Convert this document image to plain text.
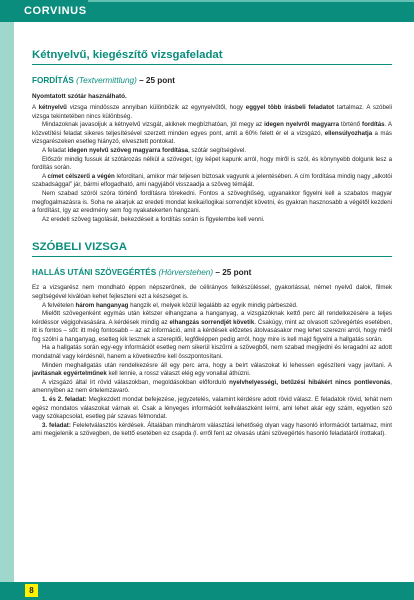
CORVINUS
Kétnyelvű, kiegészítő vizsgafeladat
FORDÍTÁS (Textvermittlung) – 25 pont
Nyomtatott szótár használható.

A kétnyelvű vizsga mindössze annyiban különbözik az egynyelvűtől, hogy eggyel több írásbeli feladatot tartalmaz. A szóbeli vizsga tekintetében nincs különbség.

Mindazoknak javasoljuk a kétnyelvű vizsgát, akiknek megbízhatóan, jól megy az idegen nyelvről magyarra történő fordítás. A közvetítési feladat sikeres teljesítésével szerzett minden egyes pont, amit a 60% felett ér el a vizsgázó, ellensúlyozhatja a más vizsgarészeken esetleg hiányzó, elvesztett pontokat.

A feladat idegen nyelvű szöveg magyarra fordítása, szótár segítségével.

Először mindig fussuk át szótározás nélkül a szöveget, így képet kapunk arról, hogy miről is szól, és könynyebb dolgunk lesz a fordítás során.

A címet célszerű a végén leforditani, amikor már teljesen biztosak vagyunk a jelentésében. A cím fordítása mindig nagy „alkotói szabadsággal” jár, bármi elfogadható, ami nagyjából visszaadja a szöveg témáját.

Nem szabad szóról szóra történő fordításra törekedni. Fontos a szöveghűség, ugyanakkor figyelni kell a szabatos magyar megfogalmazásra is. Soha ne akarjuk az eredeti mondat lexikai/logikai sorrendjét követni, és gyakran hasznosabb a végétől kezdeni a fordítást, így az eredmény sem fog nyakatekerten hangzani.

Az eredeti szöveg tagolását, bekezdéseit a fordítás során is figyelembe kell venni.

SZÓBELI VIZSGA
HALLÁS UTÁNI SZÖVEGÉRTÉS (Hörverstehen) – 25 pont

Ez a vizsgarész nem mondható éppen népszerűnek, de célirányos felkészüléssel, gyakorlással, német nyelvű dalok, filmek segítségével kiválóan kehet fejleszteni ezt a készséget is.

A felvételen három hanganyag hangzik el, melyek közül legalább az egyik mindig párbeszéd.

Mielőtt szövegenként egymás után kétszer elhangzana a hanganyag, a vizsgázóknak kettő perc áll rendelkezésére a teljes kérdéssor végigolvasására. A kérdések mindig az elhangzás sorrendjét követik. Csakúgy, mint az olvasott szövegértés esetében, itt is fontos – sőt: itt még fontosabb – az az információ, amit a kérdések előzetes átolvasásakor meg lehet szerezni arról, hogy miről fog szólni a hanganyag, esetleg kik lesznek a szereplői, legfőképpen pedig arról, hogy mire is kell majd figyelni a hallgatás során.

Ha a hallgatás során egy-egy információt esetleg nem sikerül kiszűrni a szövegből, nem szabad megijedni és leragadni az adott mondatnál vagy kérdésnél, hanem a következőre kell összpontosítani.

Minden meghallgatás után rendelkezésre áll egy perc arra, hogy a beírt válaszokat ki lehessen egészíteni vagy javítani. A javításnak egyértelműnek kell lennie, a rossz választ elég egy vonallal áthúzni.

A vizsgázó által írt rövid válaszokban, megoldásokban előforduló nyelvhelyességi, betűzési hibákért nincs pontlevonás, amennyiben az nem értelemzavaró.

1. és 2. feladat: Megkezdett mondat befejezése, jegyzetelés, valamint kérdésre adott rövid válasz. E feladatok rövid, tehát nem egész mondatos válaszokat várnak el. Csak a lényeges információt kellválaszként leírni, ami lehet akár egy szám, egyetlen szó vagy szókapcsolat, esetleg pár szavas félmondat.

3. feladat: Feleletválasztós kérdések. Általában mindhárom választási lehetőség olyan vagy hasonló információt tartalmaz, mint ami megjelenik a szövegben, de kettő esetében ez csapda (l. erről fent az olvasás utáni szövegértés hasonló feladatáról írottakat).

8
